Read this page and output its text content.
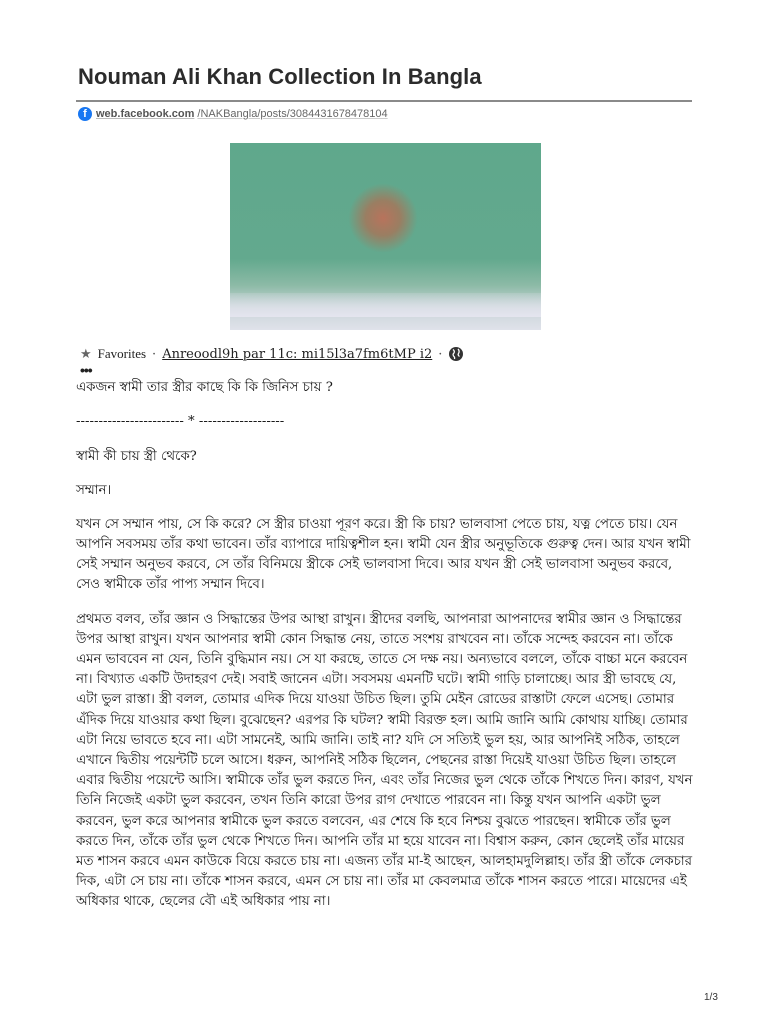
Nouman Ali Khan Collection In Bangla
f web.facebook.com /NAKBangla/posts/3084431678478104
★ Favorites · Anreoodl9h par 11c: mi15l3a7fm6tMP i2 ·
•••

একজন স্বামী তার স্ত্রীর কাছে কি কি জিনিস চায় ?

------------------------ * -------------------

স্বামী কী চায় স্ত্রী থেকে?

সম্মান।

যখন সে সম্মান পায়, সে কি করে? সে স্ত্রীর চাওয়া পূরণ করে। স্ত্রী কি চায়? ভালবাসা পেতে চায়, যত্ন পেতে চায়। যেন আপনি সবসময় তাঁর কথা ভাবেন। তাঁর ব্যাপারে দায়িত্বশীল হন। স্বামী যেন স্ত্রীর অনুভূতিকে গুরুত্ব দেন। আর যখন স্বামী সেই সম্মান অনুভব করবে, সে তাঁর বিনিময়ে স্ত্রীকে সেই ভালবাসা দিবে। আর যখন স্ত্রী সেই ভালবাসা অনুভব করবে, সেও স্বামীকে তাঁর পাপ্য সম্মান দিবে।

প্রথমত বলব, তাঁর জ্ঞান ও সিদ্ধান্তের উপর আস্থা রাখুন। স্ত্রীদের বলছি, আপনারা আপনাদের স্বামীর জ্ঞান ও সিদ্ধান্তের উপর আস্থা রাখুন। যখন আপনার স্বামী কোন সিদ্ধান্ত নেয়, তাতে সংশয় রাখবেন না। তাঁকে সন্দেহ করবেন না। তাঁকে এমন ভাববেন না যেন, তিনি বুদ্ধিমান নয়। সে যা করছে, তাতে সে দক্ষ নয়। অন্যভাবে বললে, তাঁকে বাচ্চা মনে করবেন না। বিখ্যাত একটি উদাহরণ দেই। সবাই জানেন এটা। সবসময় এমনটি ঘটে। স্বামী গাড়ি চালাচ্ছে। আর স্ত্রী ভাবছে যে, এটা ভুল রাস্তা। স্ত্রী বলল, তোমার এদিক দিয়ে যাওয়া উচিত ছিল। তুমি মেইন রোডের রাস্তাটা ফেলে এসেছ। তোমার এঁদিক দিয়ে যাওয়ার কথা ছিল। বুঝেছেন? এরপর কি ঘটল? স্বামী বিরক্ত হল। আমি জানি আমি কোথায় যাচ্ছি। তোমার এটা নিয়ে ভাবতে হবে না। এটা সামনেই, আমি জানি। তাই না? যদি সে সত্যিই ভুল হয়, আর আপনিই সঠিক, তাহলে এখানে দ্বিতীয় পয়েন্টটি চলে আসে। ধরুন, আপনিই সঠিক ছিলেন, পেছনের রাস্তা দিয়েই যাওয়া উচিত ছিল। তাহলে এবার দ্বিতীয় পয়েন্টে আসি। স্বামীকে তাঁর ভুল করতে দিন, এবং তাঁর নিজের ভুল থেকে তাঁকে শিখতে দিন। কারণ, যখন তিনি নিজেই একটা ভুল করবেন, তখন তিনি কারো উপর রাগ দেখাতে পারবেন না। কিন্তু যখন আপনি একটা ভুল করবেন, ভুল করে আপনার স্বামীকে ভুল করতে বলবেন, এর শেষে কি হবে নিশ্চয় বুঝতে পারছেন। স্বামীকে তাঁর ভুল করতে দিন, তাঁকে তাঁর ভুল থেকে শিখতে দিন। আপনি তাঁর মা হয়ে যাবেন না। বিশ্বাস করুন, কোন ছেলেই তাঁর মায়ের মত শাসন করবে এমন কাউকে বিয়ে করতে চায় না। এজন্য তাঁর মা-ই আছেন, আলহামদুলিল্লাহ। তাঁর স্ত্রী তাঁকে লেকচার দিক, এটা সে চায় না। তাঁকে শাসন করবে, এমন সে চায় না। তাঁর মা কেবলমাত্র তাঁকে শাসন করতে পারে। মায়েদের এই অধিকার থাকে, ছেলের বৌ এই অধিকার পায় না।

1/3
